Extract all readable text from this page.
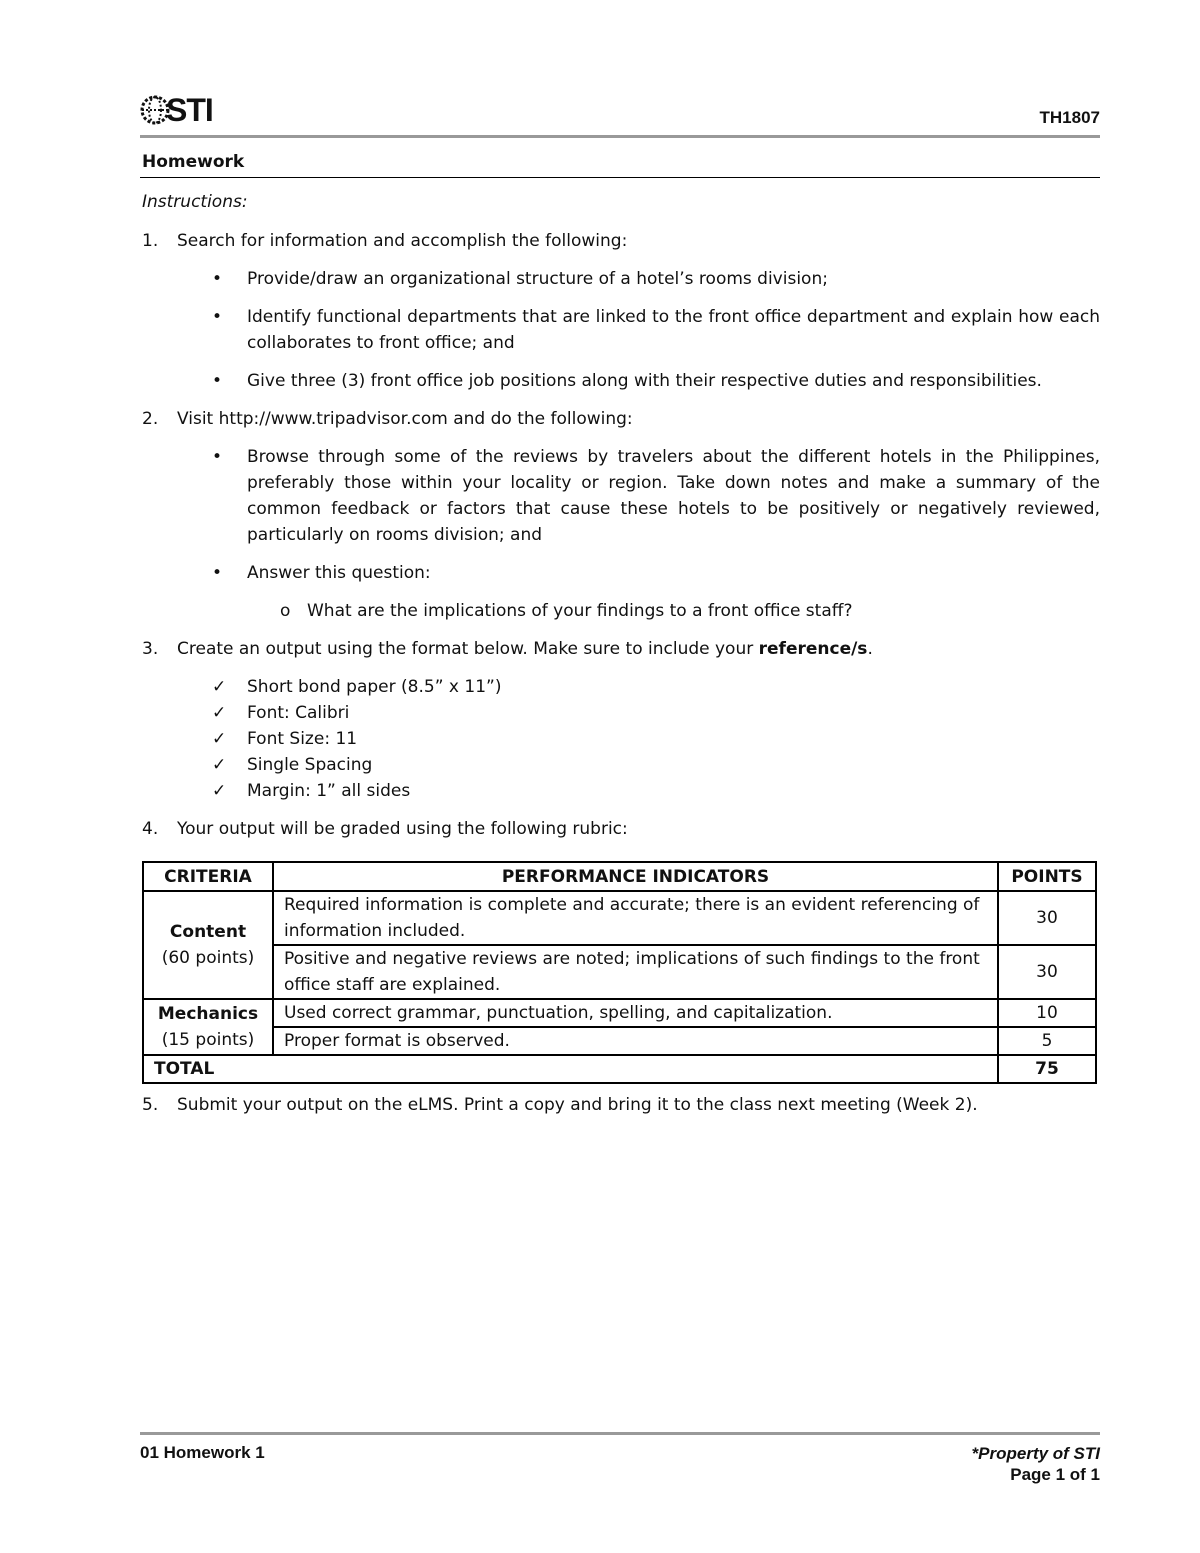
STI	TH1807
Homework
Instructions:
1. Search for information and accomplish the following:
• Provide/draw an organizational structure of a hotel’s rooms division;
• Identify functional departments that are linked to the front office department and explain how each collaborates to front office; and
• Give three (3) front office job positions along with their respective duties and responsibilities.
2. Visit http://www.tripadvisor.com and do the following:
• Browse through some of the reviews by travelers about the different hotels in the Philippines, preferably those within your locality or region. Take down notes and make a summary of the common feedback or factors that cause these hotels to be positively or negatively reviewed, particularly on rooms division; and
• Answer this question:
o What are the implications of your findings to a front office staff?
3. Create an output using the format below. Make sure to include your reference/s.
✓ Short bond paper (8.5” x 11”)
✓ Font: Calibri
✓ Font Size: 11
✓ Single Spacing
✓ Margin: 1” all sides
4. Your output will be graded using the following rubric:
CRITERIA	PERFORMANCE INDICATORS	POINTS
Content
(60 points)	Required information is complete and accurate; there is an evident referencing of information included.	30
	Positive and negative reviews are noted; implications of such findings to the front office staff are explained.	30
Mechanics
(15 points)	Used correct grammar, punctuation, spelling, and capitalization.	10
	Proper format is observed.	5
TOTAL		75
5. Submit your output on the eLMS. Print a copy and bring it to the class next meeting (Week 2).
01 Homework 1	*Property of STI
Page 1 of 1
